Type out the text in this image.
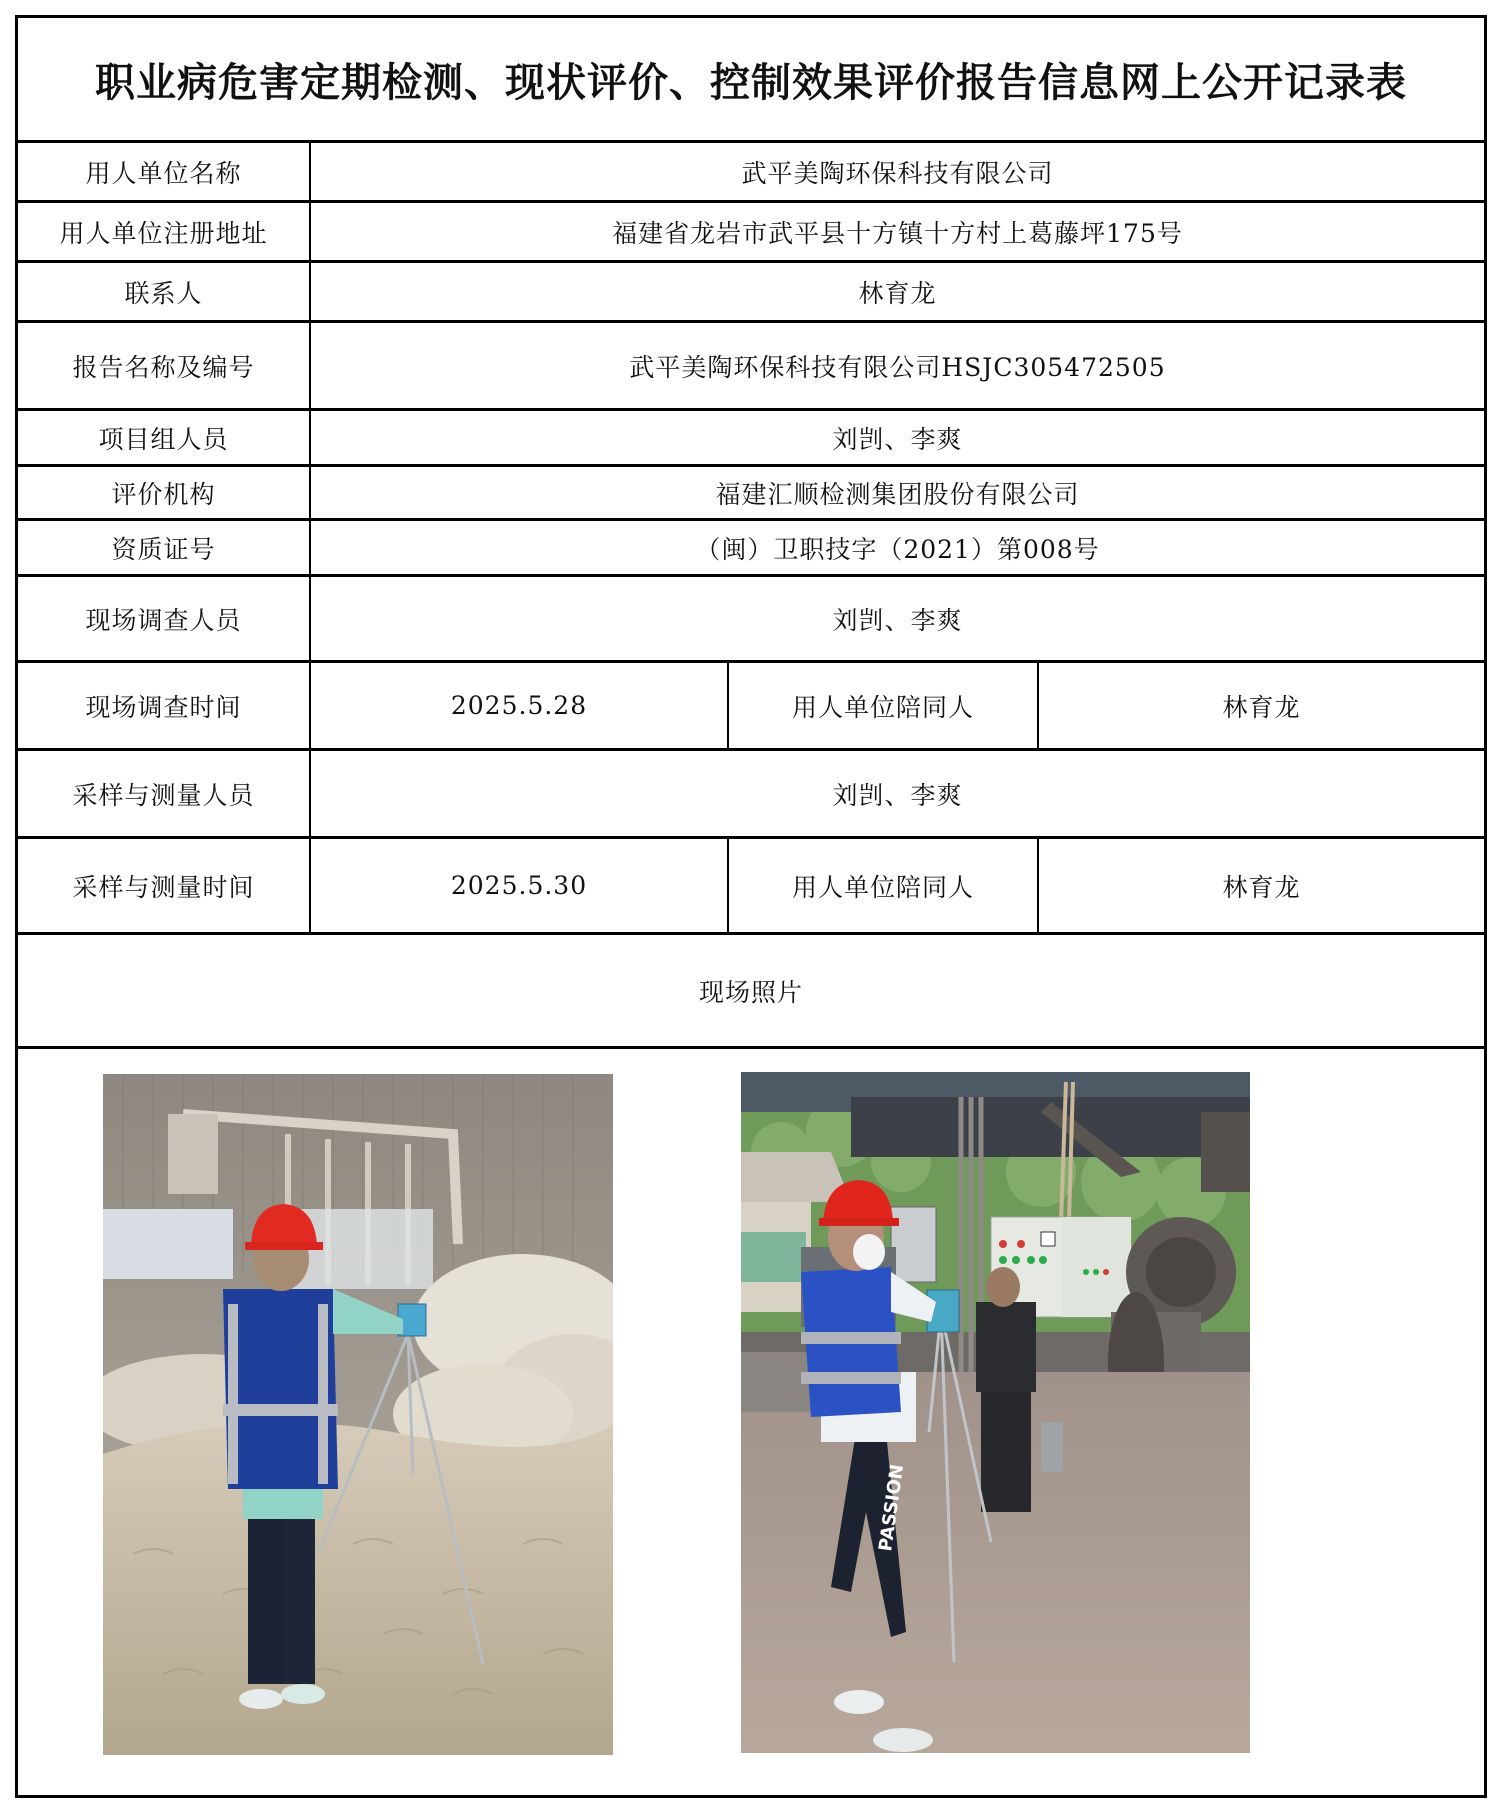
职业病危害定期检测、现状评价、控制效果评价报告信息网上公开记录表
用人单位名称	武平美陶环保科技有限公司
用人单位注册地址	福建省龙岩市武平县十方镇十方村上葛藤坪175号
联系人	林育龙
报告名称及编号	武平美陶环保科技有限公司HSJC305472505
项目组人员	刘剀、李爽
评价机构	福建汇顺检测集团股份有限公司
资质证号	（闽）卫职技字（2021）第008号
现场调查人员	刘剀、李爽
现场调查时间	2025.5.28	用人单位陪同人	林育龙
采样与测量人员	刘剀、李爽
采样与测量时间	2025.5.30	用人单位陪同人	林育龙
现场照片
PASSION
